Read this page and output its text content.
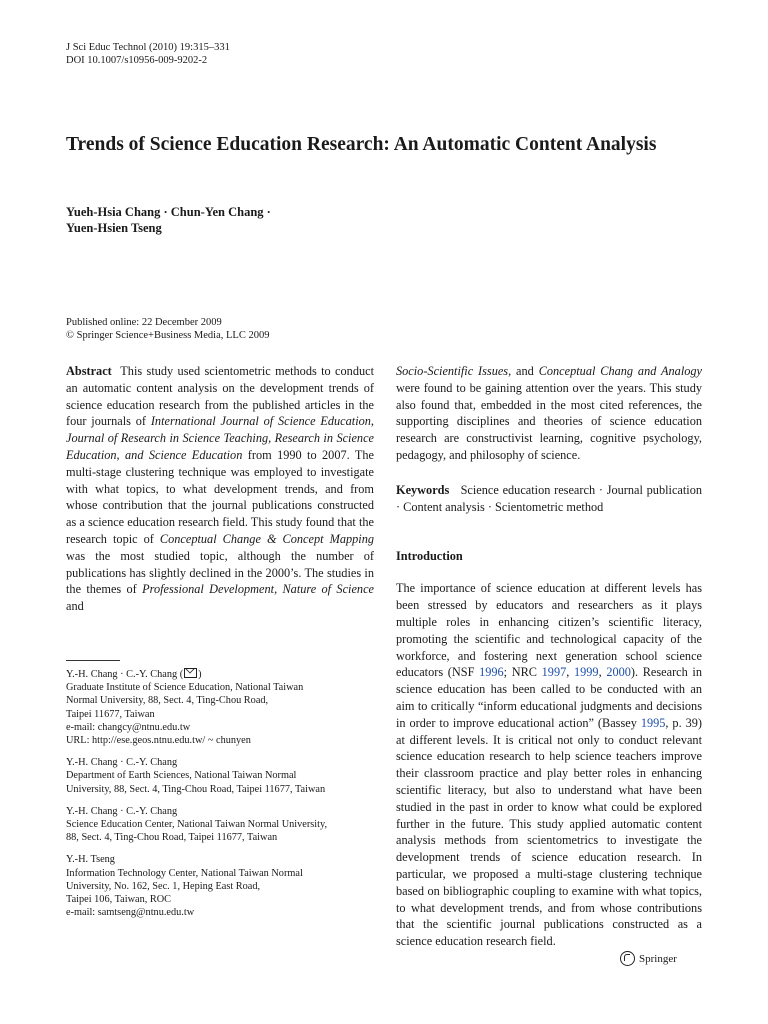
J Sci Educ Technol (2010) 19:315–331
DOI 10.1007/s10956-009-9202-2
Trends of Science Education Research: An Automatic Content Analysis
Yueh-Hsia Chang · Chun-Yen Chang ·
Yuen-Hsien Tseng
Published online: 22 December 2009
© Springer Science+Business Media, LLC 2009

Abstract This study used scientometric methods to conduct an automatic content analysis on the development trends of science education research from the published articles in the four journals of International Journal of Science Education, Journal of Research in Science Teaching, Research in Science Education, and Science Education from 1990 to 2007. The multi-stage clustering technique was employed to investigate with what topics, to what development trends, and from whose contribution that the journal publications constructed as a science education research field. This study found that the research topic of Conceptual Change & Concept Mapping was the most studied topic, although the number of publications has slightly declined in the 2000’s. The studies in the themes of Professional Development, Nature of Science and

Socio-Scientific Issues, and Conceptual Chang and Analogy were found to be gaining attention over the years. This study also found that, embedded in the most cited references, the supporting disciplines and theories of science education research are constructivist learning, cognitive psychology, pedagogy, and philosophy of science.

Keywords Science education research · Journal publication · Content analysis · Scientometric method

Introduction

The importance of science education at different levels has been stressed by educators and researchers as it plays multiple roles in enhancing citizen’s scientific literacy, promoting the scientific and technological capacity of the workforce, and fostering next generation school science educators (NSF 1996; NRC 1997, 1999, 2000). Research in science education has been called to be conducted with an aim to critically “inform educational judgments and decisions in order to improve educational action” (Bassey 1995, p. 39) at different levels. It is critical not only to conduct relevant science education research to help science teachers improve their classroom practice and play better roles in enhancing scientific literacy, but also to understand what have been studied in the past in order to know what could be explored further in the future. This study applied automatic content analysis methods from scientometrics to investigate the development trends of science education research. In particular, we proposed a multi-stage clustering technique based on bibliographic coupling to examine with what topics, to what development trends, and from whose contributions that the scientific journal publications constructed as a science education research field.

Y.-H. Chang · C.-Y. Chang ( )
Graduate Institute of Science Education, National Taiwan
Normal University, 88, Sect. 4, Ting-Chou Road,
Taipei 11677, Taiwan
e-mail: changcy@ntnu.edu.tw
URL: http://ese.geos.ntnu.edu.tw/ ~ chunyen
Y.-H. Chang · C.-Y. Chang
Department of Earth Sciences, National Taiwan Normal
University, 88, Sect. 4, Ting-Chou Road, Taipei 11677, Taiwan
Y.-H. Chang · C.-Y. Chang
Science Education Center, National Taiwan Normal University,
88, Sect. 4, Ting-Chou Road, Taipei 11677, Taiwan
Y.-H. Tseng
Information Technology Center, National Taiwan Normal
University, No. 162, Sec. 1, Heping East Road,
Taipei 106, Taiwan, ROC
e-mail: samtseng@ntnu.edu.tw
Springer
